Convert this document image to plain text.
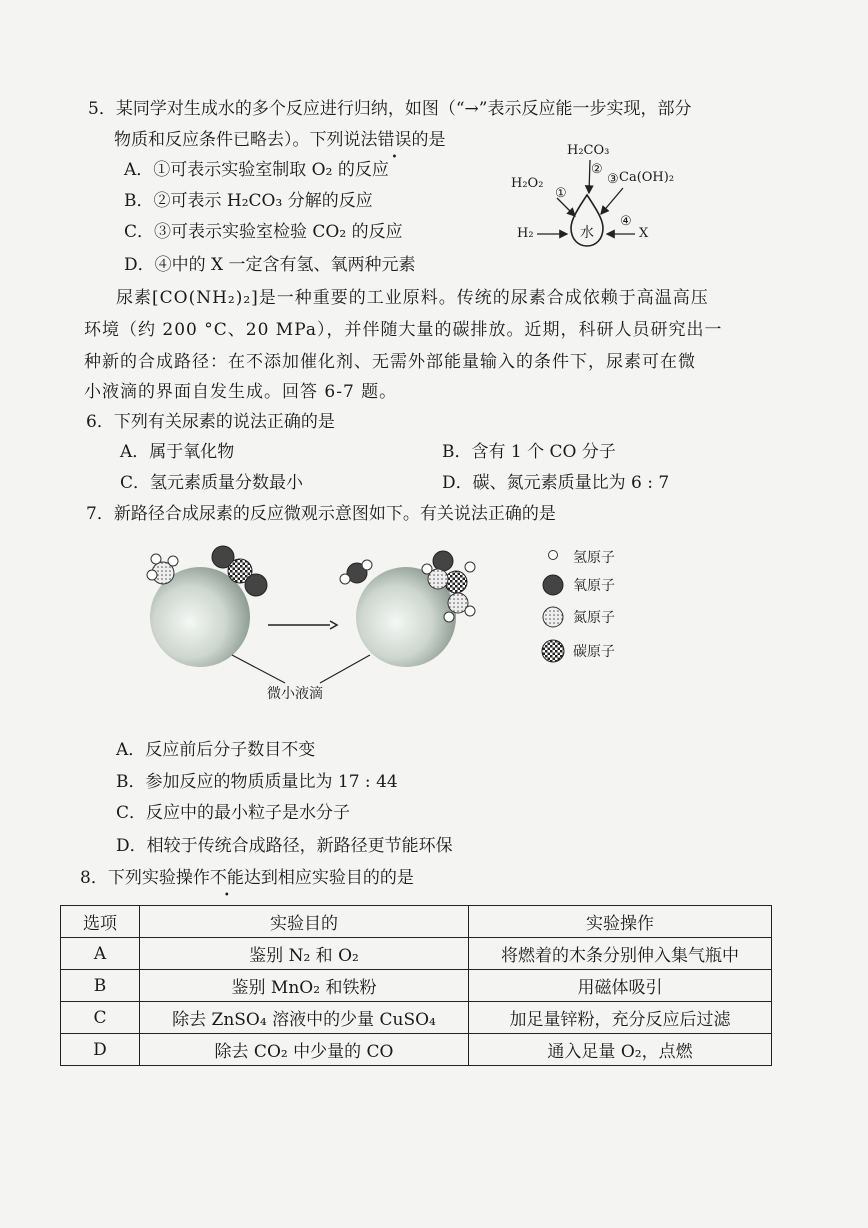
5．某同学对生成水的多个反应进行归纳，如图（“→”表示反应能一步实现，部分
物质和反应条件已略去）。下列说法错误的是
A．①可表示实验室制取 O₂ 的反应
B．②可表示 H₂CO₃ 分解的反应
C．③可表示实验室检验 CO₂ 的反应
D．④中的 X 一定含有氢、氧两种元素
H₂CO₃
H₂O₂
①
②
③ Ca(OH)₂
H₂	水
④
X
尿素[CO(NH₂)₂]是一种重要的工业原料。传统的尿素合成依赖于高温高压
环境（约 200 °C、20 MPa），并伴随大量的碳排放。近期，科研人员研究出一
种新的合成路径：在不添加催化剂、无需外部能量输入的条件下，尿素可在微
小液滴的界面自发生成。回答 6-7 题。
6．下列有关尿素的说法正确的是
A．属于氧化物	B．含有 1 个 CO 分子
C．氢元素质量分数最小	D．碳、氮元素质量比为 6 : 7
7．新路径合成尿素的反应微观示意图如下。有关说法正确的是
氢原子
氧原子
氮原子
碳原子
微小液滴
A．反应前后分子数目不变
B．参加反应的物质质量比为 17 : 44
C．反应中的最小粒子是水分子
D．相较于传统合成路径，新路径更节能环保
8．下列实验操作不能达到相应实验目的的是
选项	实验目的	实验操作
A	鉴别 N₂ 和 O₂	将燃着的木条分别伸入集气瓶中
B	鉴别 MnO₂ 和铁粉	用磁体吸引
C	除去 ZnSO₄ 溶液中的少量 CuSO₄	加足量锌粉，充分反应后过滤
D	除去 CO₂ 中少量的 CO	通入足量 O₂，点燃
